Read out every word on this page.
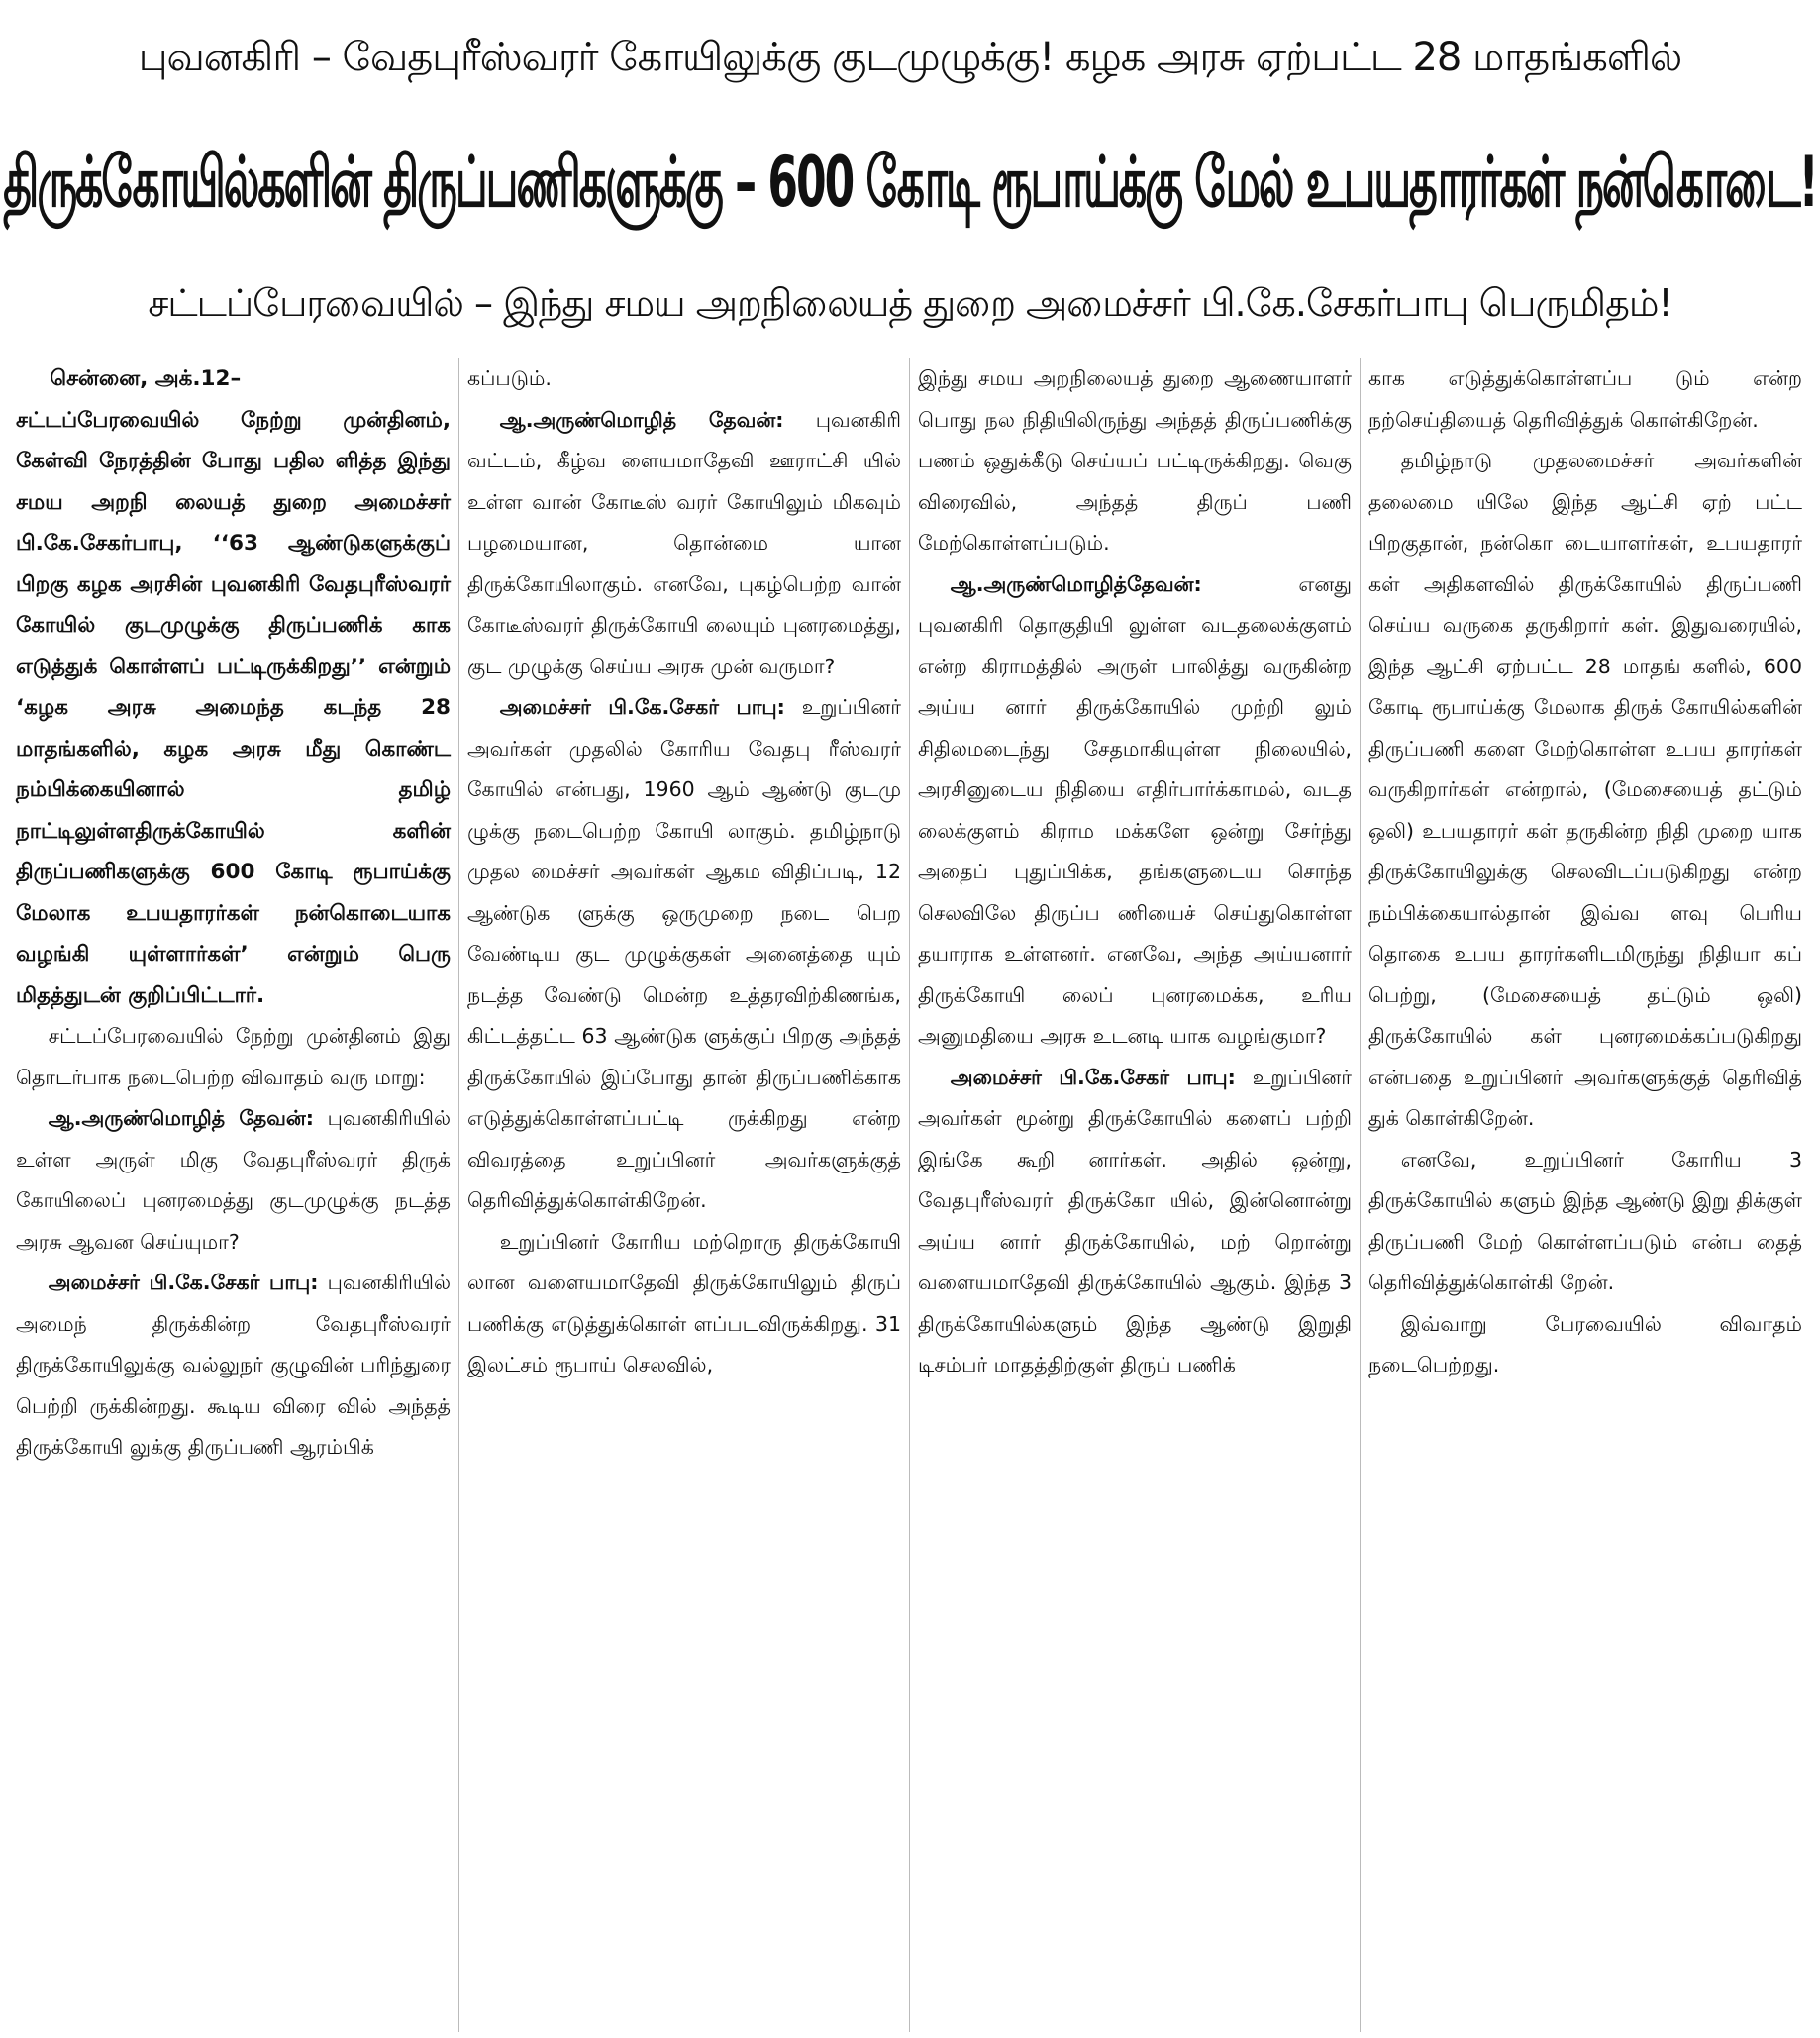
புவனகிரி – வேதபுரீஸ்வரர் கோயிலுக்கு குடமுழுக்கு! கழக அரசு ஏற்பட்ட 28 மாதங்களில்
திருக்கோயில்களின் திருப்பணிகளுக்கு – 600 கோடி ரூபாய்க்கு மேல் உபயதாரர்கள் நன்கொடை!
சட்டப்பேரவையில் – இந்து சமய அறநிலையத் துறை அமைச்சர் பி.கே.சேகர்பாபு பெருமிதம்!

சென்னை, அக்.12–
சட்டப்பேரவையில் நேற்று முன்தினம், கேள்வி நேரத்தின் போது பதில ளித்த இந்து சமய அறநி லையத் துறை அமைச்சர் பி.கே.சேகர்பாபு, ‘‘63 ஆண்டுகளுக்குப் பிறகு கழக அரசின் புவனகிரி வேதபுரீஸ்வரர் கோயில் குடமுழுக்கு திருப்பணிக் காக எடுத்துக் கொள்ளப் பட்டிருக்கிறது’’ என்றும் ‘கழக அரசு அமைந்த கடந்த 28 மாதங்களில், கழக அரசு மீது கொண்ட நம்பிக்கையினால் தமிழ் நாட்டிலுள்ளதிருக்கோயில் களின் திருப்பணிகளுக்கு 600 கோடி ரூபாய்க்கு மேலாக உபயதாரர்கள் நன்கொடையாக வழங்கி யுள்ளார்கள்’ என்றும் பெரு மிதத்துடன் குறிப்பிட்டார்.

சட்டப்பேரவையில் நேற்று முன்தினம் இது தொடர்பாக நடைபெற்ற விவாதம் வரு மாறு:

ஆ.அருண்மொழித் தேவன்: புவனகிரியில் உள்ள அருள் மிகு வேதபுரீஸ்வரர் திருக் கோயிலைப் புனரமைத்து குடமுழுக்கு நடத்த அரசு ஆவன செய்யுமா?

அமைச்சர் பி.கே.சேகர் பாபு: புவனகிரியில் அமைந் திருக்கின்ற வேதபுரீஸ்வரர் திருக்கோயிலுக்கு வல்லுநர் குழுவின் பரிந்துரை பெற்றி ருக்கின்றது. கூடிய விரை வில் அந்தத் திருக்கோயி லுக்கு திருப்பணி ஆரம்பிக்

கப்படும்.

ஆ.அருண்மொழித் தேவன்: புவனகிரி வட்டம், கீழ்வ ளையமாதேவி ஊராட்சி யில் உள்ள வான் கோடீஸ் வரர் கோயிலும் மிகவும் பழமையான, தொன்மை யான திருக்கோயிலாகும். எனவே, புகழ்பெற்ற வான் கோடீஸ்வரர் திருக்கோயி லையும் புனரமைத்து, குட முழுக்கு செய்ய அரசு முன் வருமா?

அமைச்சர் பி.கே.சேகர் பாபு: உறுப்பினர் அவர்கள் முதலில் கோரிய வேதபு ரீஸ்வரர் கோயில் என்பது, 1960 ஆம் ஆண்டு குடமு ழுக்கு நடைபெற்ற கோயி லாகும். தமிழ்நாடு முதல மைச்சர் அவர்கள் ஆகம விதிப்படி, 12 ஆண்டுக ளுக்கு ஒருமுறை நடை பெற வேண்டிய குட முழுக்குகள் அனைத்தை யும் நடத்த வேண்டு மென்ற உத்தரவிற்கிணங்க, கிட்டத்தட்ட 63 ஆண்டுக ளுக்குப் பிறகு அந்தத் திருக்கோயில் இப்போது தான் திருப்பணிக்காக எடுத்துக்கொள்ளப்பட்டி ருக்கிறது என்ற விவரத்தை உறுப்பினர் அவர்களுக்குத் தெரிவித்துக்கொள்கிறேன்.

உறுப்பினர் கோரிய மற்றொரு திருக்கோயி லான வளையமாதேவி திருக்கோயிலும் திருப் பணிக்கு எடுத்துக்கொள் ளப்படவிருக்கிறது. 31 இலட்சம் ரூபாய் செலவில்,

இந்து சமய அறநிலையத் துறை ஆணையாளர் பொது நல நிதியிலிருந்து அந்தத் திருப்பணிக்கு பணம் ஒதுக்கீடு செய்யப் பட்டிருக்கிறது. வெகு விரைவில், அந்தத் திருப் பணி மேற்கொள்ளப்படும்.

ஆ.அருண்மொழித்தேவன்:	எனது புவனகிரி தொகுதியி லுள்ள வடதலைக்குளம் என்ற கிராமத்தில் அருள் பாலித்து வருகின்ற அய்ய னார் திருக்கோயில் முற்றி லும் சிதிலமடைந்து சேதமாகியுள்ள நிலையில், அரசினுடைய நிதியை எதிர்பார்க்காமல், வடத லைக்குளம் கிராம மக்களே ஒன்று சேர்ந்து அதைப் புதுப்பிக்க, தங்களுடைய சொந்த செலவிலே திருப்ப ணியைச் செய்துகொள்ள தயாராக உள்ளனர். எனவே, அந்த அய்யனார் திருக்கோயி லைப் புனரமைக்க, உரிய அனுமதியை அரசு உடனடி யாக வழங்குமா?

அமைச்சர் பி.கே.சேகர் பாபு: உறுப்பினர் அவர்கள் மூன்று திருக்கோயில் களைப் பற்றி இங்கே கூறி னார்கள். அதில் ஒன்று, வேதபுரீஸ்வரர் திருக்கோ யில், இன்னொன்று அய்ய னார் திருக்கோயில், மற் றொன்று வளையமாதேவி திருக்கோயில் ஆகும். இந்த 3 திருக்கோயில்களும் இந்த ஆண்டு இறுதி டிசம்பர் மாதத்திற்குள் திருப் பணிக்

காக எடுத்துக்கொள்ளப்ப டும் என்ற நற்செய்தியைத் தெரிவித்துக் கொள்கிறேன்.

தமிழ்நாடு முதலமைச்சர் அவர்களின் தலைமை யிலே இந்த ஆட்சி ஏற் பட்ட பிறகுதான், நன்கொ டையாளர்கள், உபயதாரர் கள் அதிகளவில் திருக்கோயில் திருப்பணி செய்ய வருகை தருகிறார் கள். இதுவரையில், இந்த ஆட்சி ஏற்பட்ட 28 மாதங் களில், 600 கோடி ரூபாய்க்கு மேலாக திருக் கோயில்களின் திருப்பணி களை மேற்கொள்ள உபய தாரர்கள் வருகிறார்கள் என்றால், (மேசையைத் தட்டும் ஒலி) உபயதாரர் கள் தருகின்ற நிதி முறை யாக திருக்கோயிலுக்கு செலவிடப்படுகிறது என்ற நம்பிக்கையால்தான் இவ்வ ளவு பெரிய தொகை உபய தாரர்களிடமிருந்து நிதியா கப் பெற்று, (மேசையைத் தட்டும் ஒலி) திருக்கோயில் கள் புனரமைக்கப்படுகிறது என்பதை உறுப்பினர் அவர்களுக்குத் தெரிவித் துக் கொள்கிறேன்.

எனவே, உறுப்பினர் கோரிய 3 திருக்கோயில் களும் இந்த ஆண்டு இறு திக்குள் திருப்பணி மேற் கொள்ளப்படும் என்ப தைத் தெரிவித்துக்கொள்கி றேன்.

இவ்வாறு பேரவையில் விவாதம் நடைபெற்றது.
